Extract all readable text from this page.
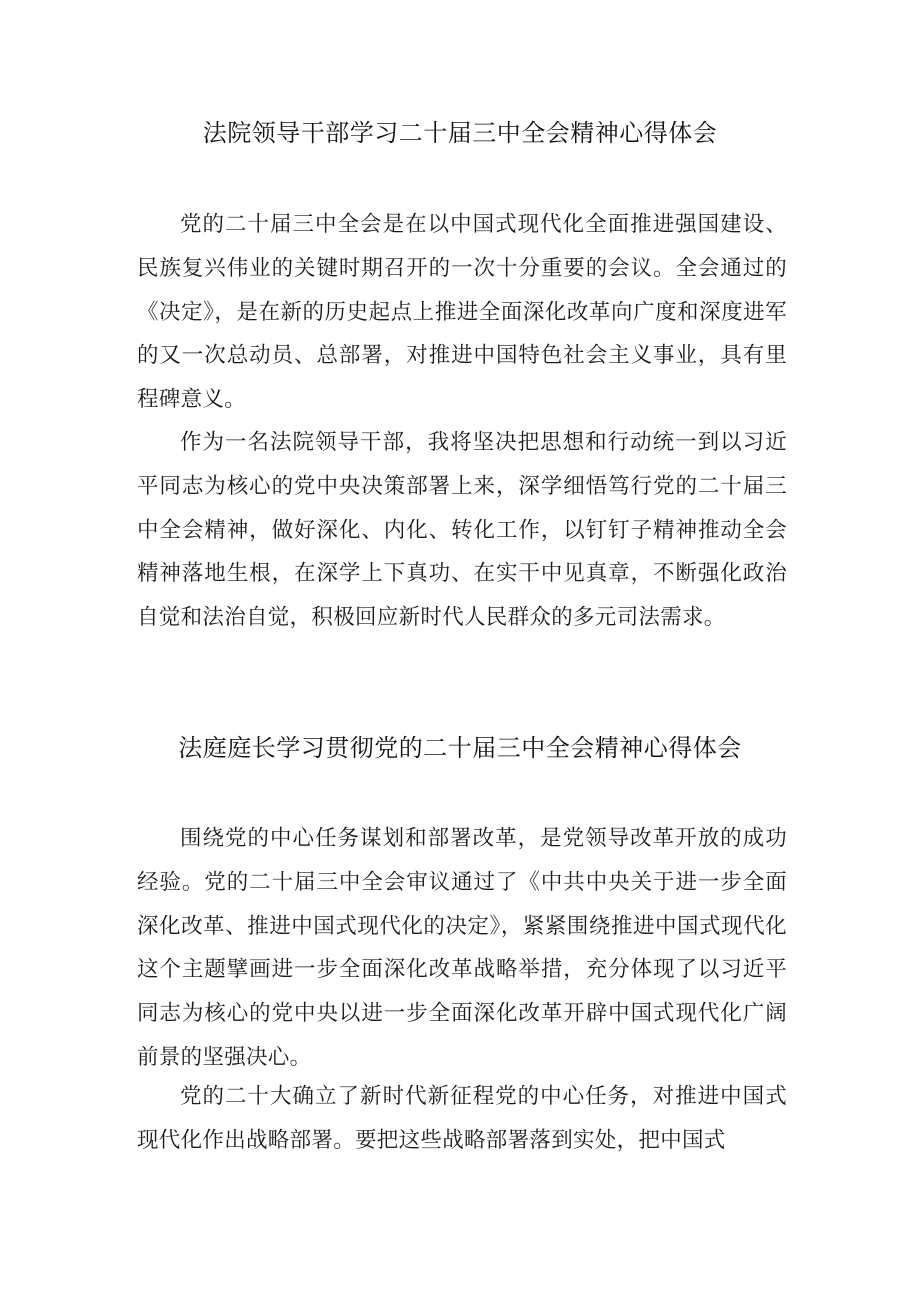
法院领导干部学习二十届三中全会精神心得体会

党的二十届三中全会是在以中国式现代化全面推进强国建设、民族复兴伟业的关键时期召开的一次十分重要的会议。全会通过的《决定》，是在新的历史起点上推进全面深化改革向广度和深度进军的又一次总动员、总部署，对推进中国特色社会主义事业，具有里程碑意义。

作为一名法院领导干部，我将坚决把思想和行动统一到以习近平同志为核心的党中央决策部署上来，深学细悟笃行党的二十届三中全会精神，做好深化、内化、转化工作，以钉钉子精神推动全会精神落地生根，在深学上下真功、在实干中见真章，不断强化政治自觉和法治自觉，积极回应新时代人民群众的多元司法需求。

法庭庭长学习贯彻党的二十届三中全会精神心得体会

围绕党的中心任务谋划和部署改革，是党领导改革开放的成功经验。党的二十届三中全会审议通过了《中共中央关于进一步全面深化改革、推进中国式现代化的决定》，紧紧围绕推进中国式现代化这个主题擘画进一步全面深化改革战略举措，充分体现了以习近平同志为核心的党中央以进一步全面深化改革开辟中国式现代化广阔前景的坚强决心。

党的二十大确立了新时代新征程党的中心任务，对推进中国式现代化作出战略部署。要把这些战略部署落到实处，把中国式
